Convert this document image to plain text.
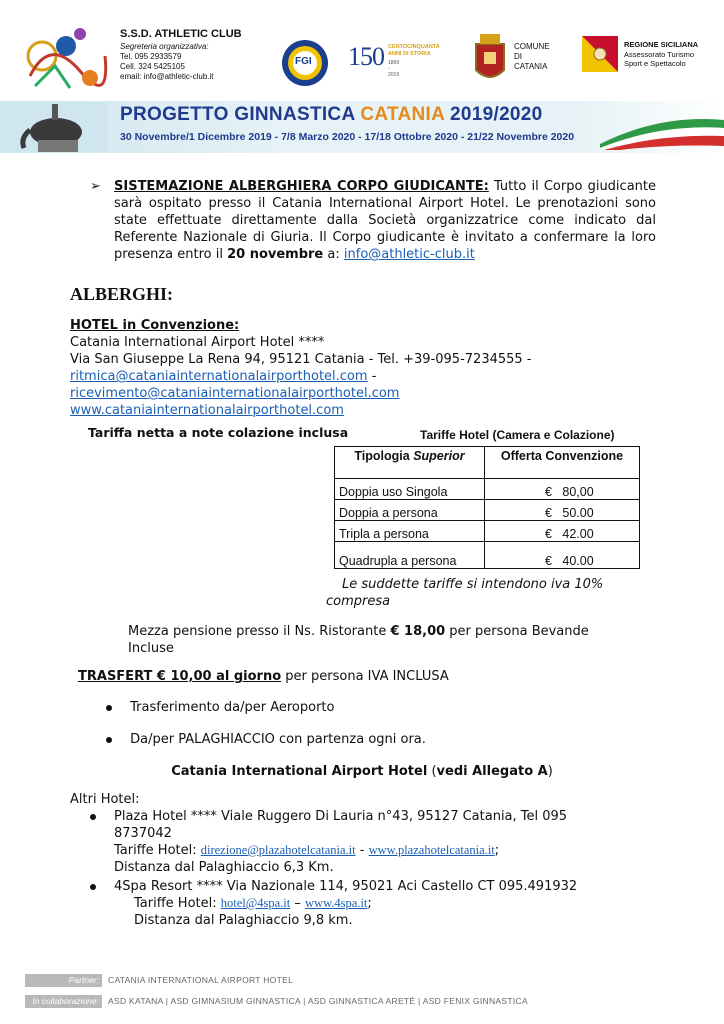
S.S.D. ATHLETIC CLUB
Segreteria organizzativa:
Tel. 095 2933579
Cell. 324 5425105
email: info@athletic-club.it
FGI 150 CENTOCINQUANTA ANNI DI STORIA
1869 - 2019
COMUNE
DI
CATANIA
REGIONE SICILIANA
Assessorato Turismo
Sport e Spettacolo
PROGETTO GINNASTICA CATANIA 2019/2020
30 Novembre/1 Dicembre 2019 - 7/8 Marzo 2020 - 17/18 Ottobre 2020 - 21/22 Novembre 2020
➢ SISTEMAZIONE ALBERGHIERA CORPO GIUDICANTE: Tutto il Corpo giudicante sarà ospitato presso il Catania International Airport Hotel. Le prenotazioni sono state effettuate direttamente dalla Società organizzatrice come indicato dal Referente Nazionale di Giuria. Il Corpo giudicante è invitato a confermare la loro presenza entro il 20 novembre a: info@athletic-club.it
ALBERGHI:
HOTEL in Convenzione:
Catania International Airport Hotel ****
Via San Giuseppe La Rena 94, 95121 Catania - Tel. +39-095-7234555 -
ritmica@cataniainternationalairporthotel.com -
ricevimento@cataniainternationalairporthotel.com
www.cataniainternationalairporthotel.com
Tariffa netta a note colazione inclusa	Tariffe Hotel (Camera e Colazione)
Tipologia Superior	Offerta Convenzione
Doppia uso Singola	€ 80,00
Doppia a persona	€ 50.00
Tripla a persona	€ 42.00
Quadrupla a persona	€ 40.00
Le suddette tariffe si intendono iva 10%
compresa
Mezza pensione presso il Ns. Ristorante € 18,00 per persona Bevande
Incluse
TRASFERT € 10,00 al giorno per persona IVA INCLUSA
Trasferimento da/per Aeroporto
Da/per PALAGHIACCIO con partenza ogni ora.
Catania International Airport Hotel (vedi Allegato A)
Altri Hotel:
Plaza Hotel **** Viale Ruggero Di Lauria n°43, 95127 Catania, Tel 095
8737042
Tariffe Hotel: direzione@plazahotelcatania.it - www.plazahotelcatania.it;
Distanza dal Palaghiaccio 6,3 Km.
4Spa Resort **** Via Nazionale 114, 95021 Aci Castello CT 095.491932
Tariffe Hotel: hotel@4spa.it – www.4spa.it;
Distanza dal Palaghiaccio 9,8 km.
Partner: CATANIA INTERNATIONAL AIRPORT HOTEL
In collaborazione: ASD KATANA | ASD GIMNASIUM GINNASTICA | ASD GINNASTICA ARETÉ | ASD FENIX GINNASTICA
